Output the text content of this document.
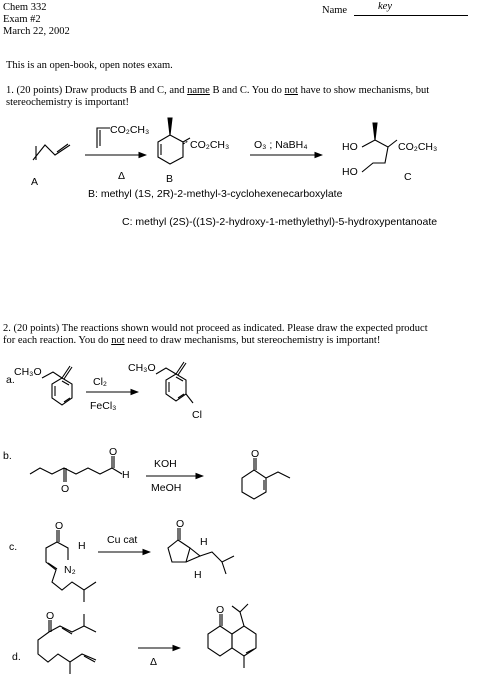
Chem 332
Exam #2
March 22, 2002
Name	key
This is an open-book, open notes exam.
1. (20 points) Draw products B and C, and name B and C. You do not have to show mechanisms, but
stereochemistry is important!
B: methyl (1S, 2R)-2-methyl-3-cyclohexenecarboxylate
C: methyl (2S)-((1S)-2-hydroxy-1-methylethyl)-5-hydroxypentanoate
2. (20 points) The reactions shown would not proceed as indicated. Please draw the expected product
for each reaction. You do not need to draw mechanisms, but stereochemistry is important!
A
CO₂CH₃
Δ
CO₂CH₃
B
O₃ ; NaBH₄	HO
HO
CO₂CH₃
C
a.
CH₃O
Cl₂
FeCl₃
CH₃O
Cl
b.
O
O
H
KOH
MeOH
O
c.
O
H
N₂
Cu cat
O
H
H
d.
O
Δ
O
